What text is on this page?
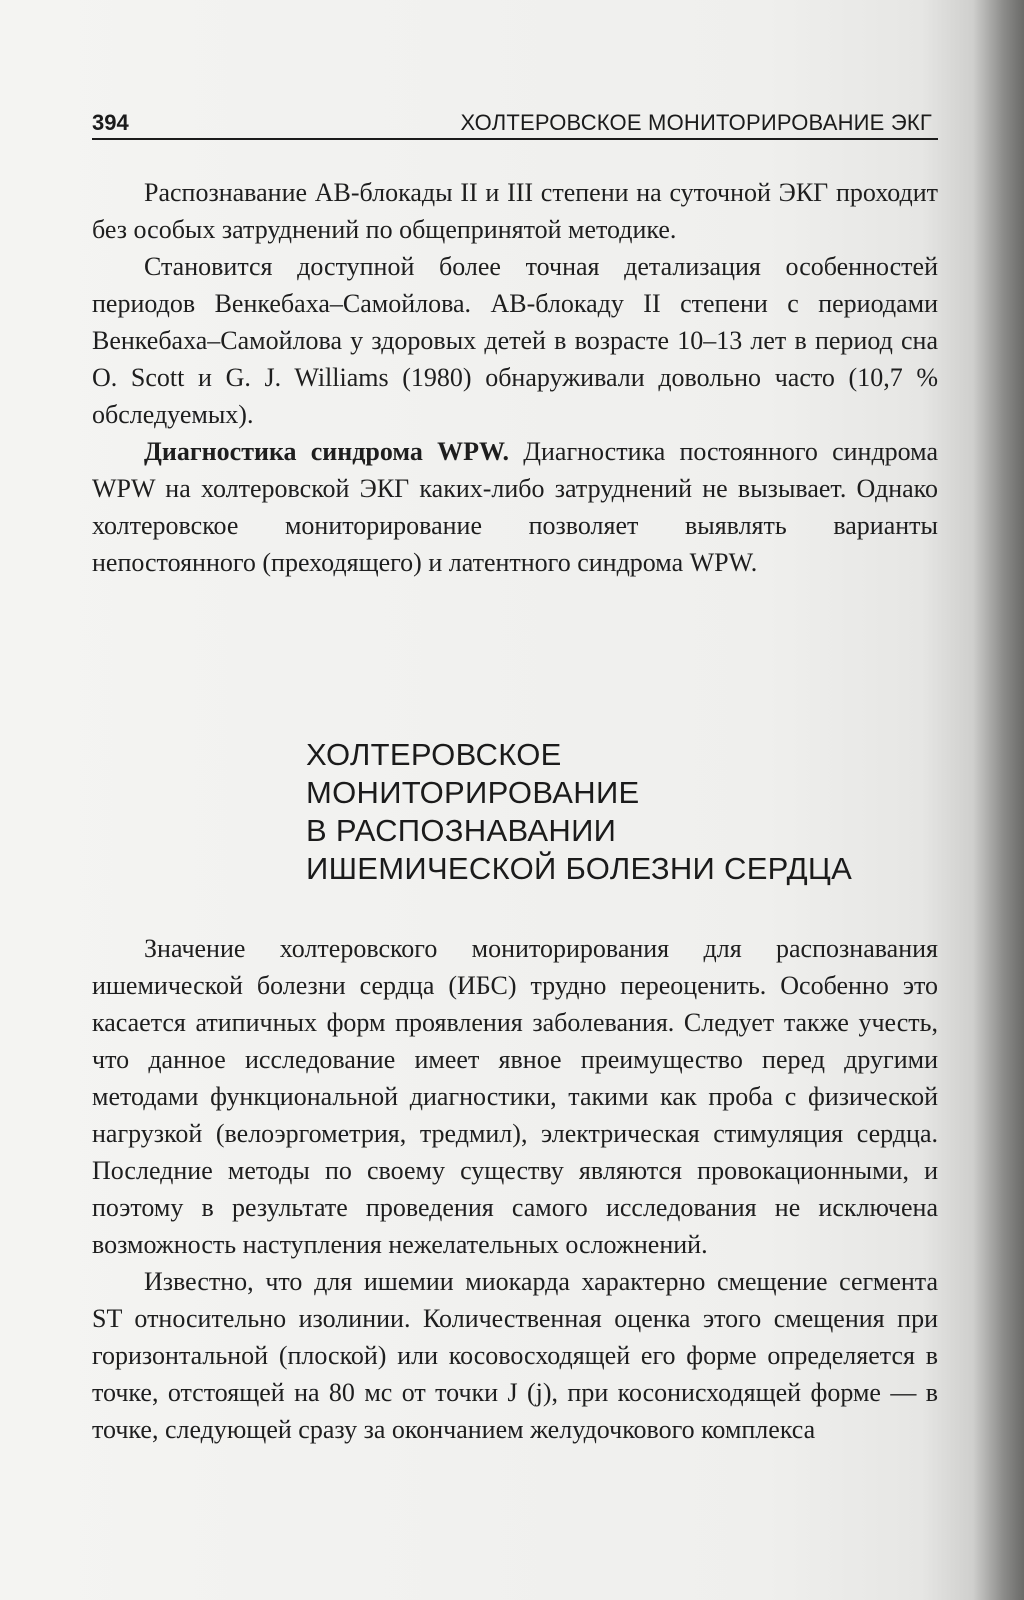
394	ХОЛТЕРОВСКОЕ МОНИТОРИРОВАНИЕ ЭКГ

Распознавание АВ-блокады II и III степени на суточной ЭКГ проходит без особых затруднений по общепринятой методике.

Становится доступной более точная детализация особенностей периодов Венкебаха–Самойлова. АВ-блокаду II степени с периодами Венкебаха–Самойлова у здоровых детей в возрасте 10–13 лет в период сна O. Scott и G. J. Williams (1980) обнаруживали довольно часто (10,7 % обследуемых).

Диагностика синдрома WPW. Диагностика постоянного синдрома WPW на холтеровской ЭКГ каких-либо затруднений не вызывает. Однако холтеровское мониторирование позволяет выявлять варианты непостоянного (преходящего) и латентного синдрома WPW.

ХОЛТЕРОВСКОЕ
МОНИТОРИРОВАНИЕ
В РАСПОЗНАВАНИИ
ИШЕМИЧЕСКОЙ БОЛЕЗНИ СЕРДЦА

Значение холтеровского мониторирования для распознавания ишемической болезни сердца (ИБС) трудно переоценить. Особенно это касается атипичных форм проявления заболевания. Следует также учесть, что данное исследование имеет явное преимущество перед другими методами функциональной диагностики, такими как проба с физической нагрузкой (велоэргометрия, тредмил), электрическая стимуляция сердца. Последние методы по своему существу являются провокационными, и поэтому в результате проведения самого исследования не исключена возможность наступления нежелательных осложнений.

Известно, что для ишемии миокарда характерно смещение сегмента ST относительно изолинии. Количественная оценка этого смещения при горизонтальной (плоской) или косовосходящей его форме определяется в точке, отстоящей на 80 мс от точки J (j), при косонисходящей форме — в точке, следующей сразу за окончанием желудочкового комплекса
